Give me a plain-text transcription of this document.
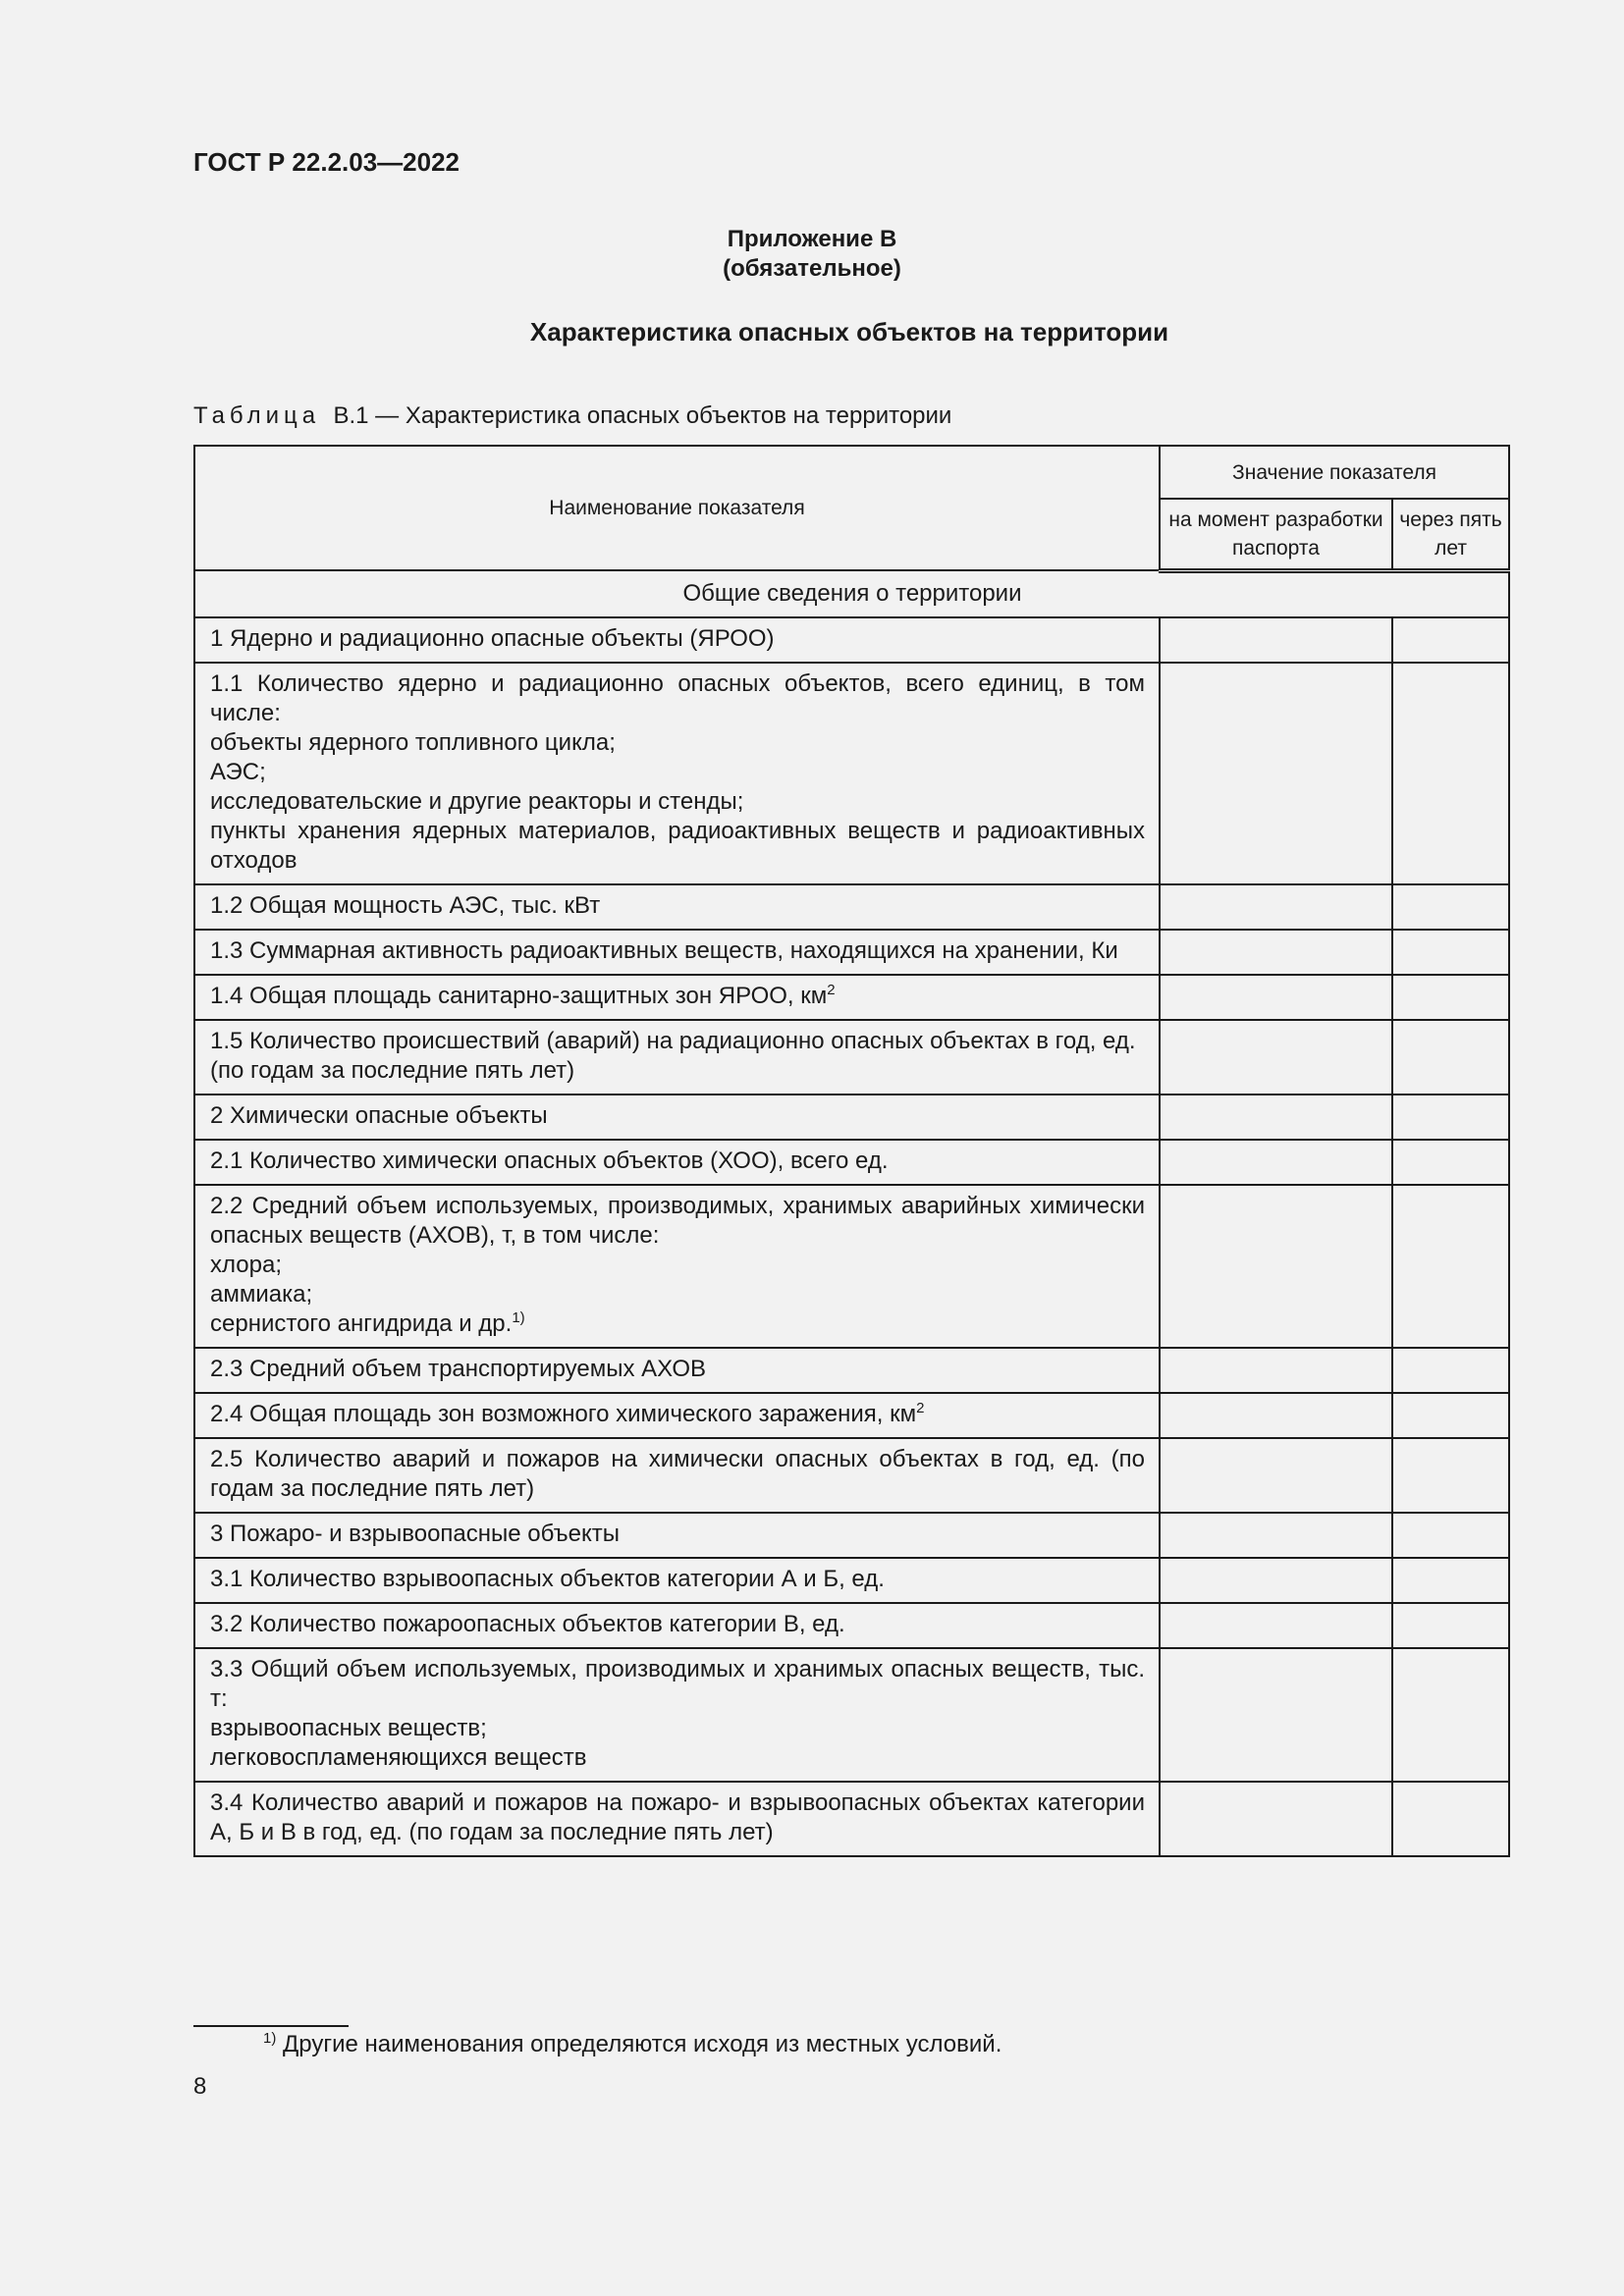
ГОСТ Р 22.2.03—2022
Приложение В
(обязательное)
Характеристика опасных объектов на территории
Таблица В.1 — Характеристика опасных объектов на территории
Наименование показателя	Значение показателя	
	на момент разработки паспорта	через пять лет
Общие сведения о территории		

1 Ядерно и радиационно опасные объекты (ЯРОО)		

1.1 Количество ядерно и радиационно опасных объектов, всего единиц, в том числе:
объекты ядерного топливного цикла;
АЭС;
исследовательские и другие реакторы и стенды;
пункты хранения ядерных материалов, радиоактивных веществ и радиоактивных отходов		

1.2 Общая мощность АЭС, тыс. кВт		

1.3 Суммарная активность радиоактивных веществ, находящихся на хранении, Ки		

1.4 Общая площадь санитарно-защитных зон ЯРОО, $км^2$

1.5 Количество происшествий (аварий) на радиационно опасных объектах в год, ед.
(по годам за последние пять лет)		

2 Химически опасные объекты		

2.1 Количество химически опасных объектов (ХОО), всего ед.		

2.2 Средний объем используемых, производимых, хранимых аварийных химически опасных веществ (АХОВ), т, в том числе:
хлора;
аммиака;
сернистого ангидрида и др.$^{1)}$

2.3 Средний объем транспортируемых АХОВ		

2.4 Общая площадь зон возможного химического заражения, $км^2$

2.5 Количество аварий и пожаров на химически опасных объектах в год, ед. (по годам за последние пять лет)		

3 Пожаро- и взрывоопасные объекты		

3.1 Количество взрывоопасных объектов категории А и Б, ед.		

3.2 Количество пожароопасных объектов категории В, ед.		

3.3 Общий объем используемых, производимых и хранимых опасных веществ, тыс. т:
взрывоопасных веществ;
легковоспламеняющихся веществ		

3.4 Количество аварий и пожаров на пожаро- и взрывоопасных объектах категории А, Б и В в год, ед. (по годам за последние пять лет)		

$^{1)}$ Другие наименования определяются исходя из местных условий.
8
